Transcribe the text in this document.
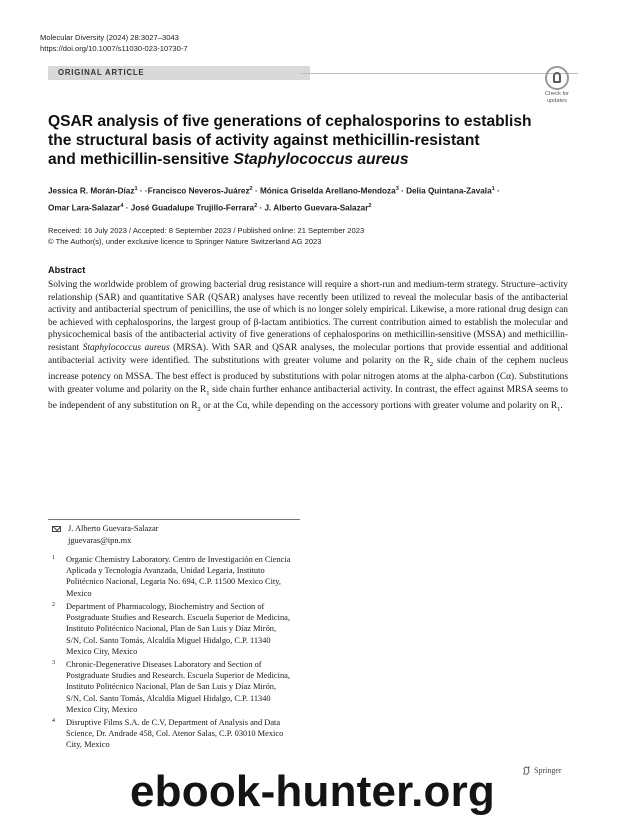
Molecular Diversity (2024) 28:3027–3043
https://doi.org/10.1007/s11030-023-10730-7
ORIGINAL ARTICLE
Check for
updates
QSAR analysis of five generations of cephalosporins to establish
the structural basis of activity against methicillin-resistant
and methicillin-sensitive Staphylococcus aureus
Jessica R. Morán-Díaz$^1$ · ·Francisco Neveros-Juárez$^2$ · Mónica Griselda Arellano-Mendoza$^3$ · Delia Quintana-Zavala$^1$ ·
Omar Lara-Salazar$^4$ · José Guadalupe Trujillo-Ferrara$^2$ · J. Alberto Guevara-Salazar$^2$
Received: 16 July 2023 / Accepted: 8 September 2023 / Published online: 21 September 2023
© The Author(s), under exclusive licence to Springer Nature Switzerland AG 2023
Abstract
Solving the worldwide problem of growing bacterial drug resistance will require a short-run and medium-term strategy. Structure–activity relationship (SAR) and quantitative SAR (QSAR) analyses have recently been utilized to reveal the molecular basis of the antibacterial activity and antibacterial spectrum of penicillins, the use of which is no longer solely empirical. Likewise, a more rational drug design can be achieved with cephalosporins, the largest group of β-lactam antibiotics. The current contribution aimed to establish the molecular and physicochemical basis of the antibacterial activity of five generations of cephalosporins on methicillin-sensitive (MSSA) and methicillin-resistant Staphylococcus aureus (MRSA). With SAR and QSAR analyses, the molecular portions that provide essential and additional antibacterial activity were identified. The substitutions with greater volume and polarity on the $R_2$ side chain of the cephem nucleus increase potency on MSSA. The best effect is produced by substitutions with polar nitrogen atoms at the alpha-carbon (Cα). Substitutions with greater volume and polarity on the $R_1$ side chain further enhance antibacterial activity. In contrast, the effect against MRSA seems to be independent of any substitution on $R_2$ or at the Cα, while depending on the accessory portions with greater volume and polarity on $R_1$.
J. Alberto Guevara-Salazar
jguevaras@ipn.mx
1	Organic Chemistry Laboratory. Centro de Investigación en Ciencia Aplicada y Tecnología Avanzada, Unidad Legaria, Instituto Politécnico Nacional, Legaria No. 694, C.P. 11500 Mexico City, Mexico
2	Department of Pharmacology, Biochemistry and Section of Postgraduate Studies and Research. Escuela Superior de Medicina, Instituto Politécnico Nacional, Plan de San Luis y Díaz Mirón, S/N, Col. Santo Tomás, Alcaldía Miguel Hidalgo, C.P. 11340 Mexico City, Mexico
3	Chronic-Degenerative Diseases Laboratory and Section of Postgraduate Studies and Research. Escuela Superior de Medicina, Instituto Politécnico Nacional, Plan de San Luis y Díaz Mirón, S/N, Col. Santo Tomás, Alcaldía Miguel Hidalgo, C.P. 11340 Mexico City, Mexico
4	Disruptive Films S.A. de C.V, Department of Analysis and Data Science, Dr. Andrade 458, Col. Atenor Salas, C.P. 03010 Mexico City, Mexico
ebook-hunter.org	Springer
